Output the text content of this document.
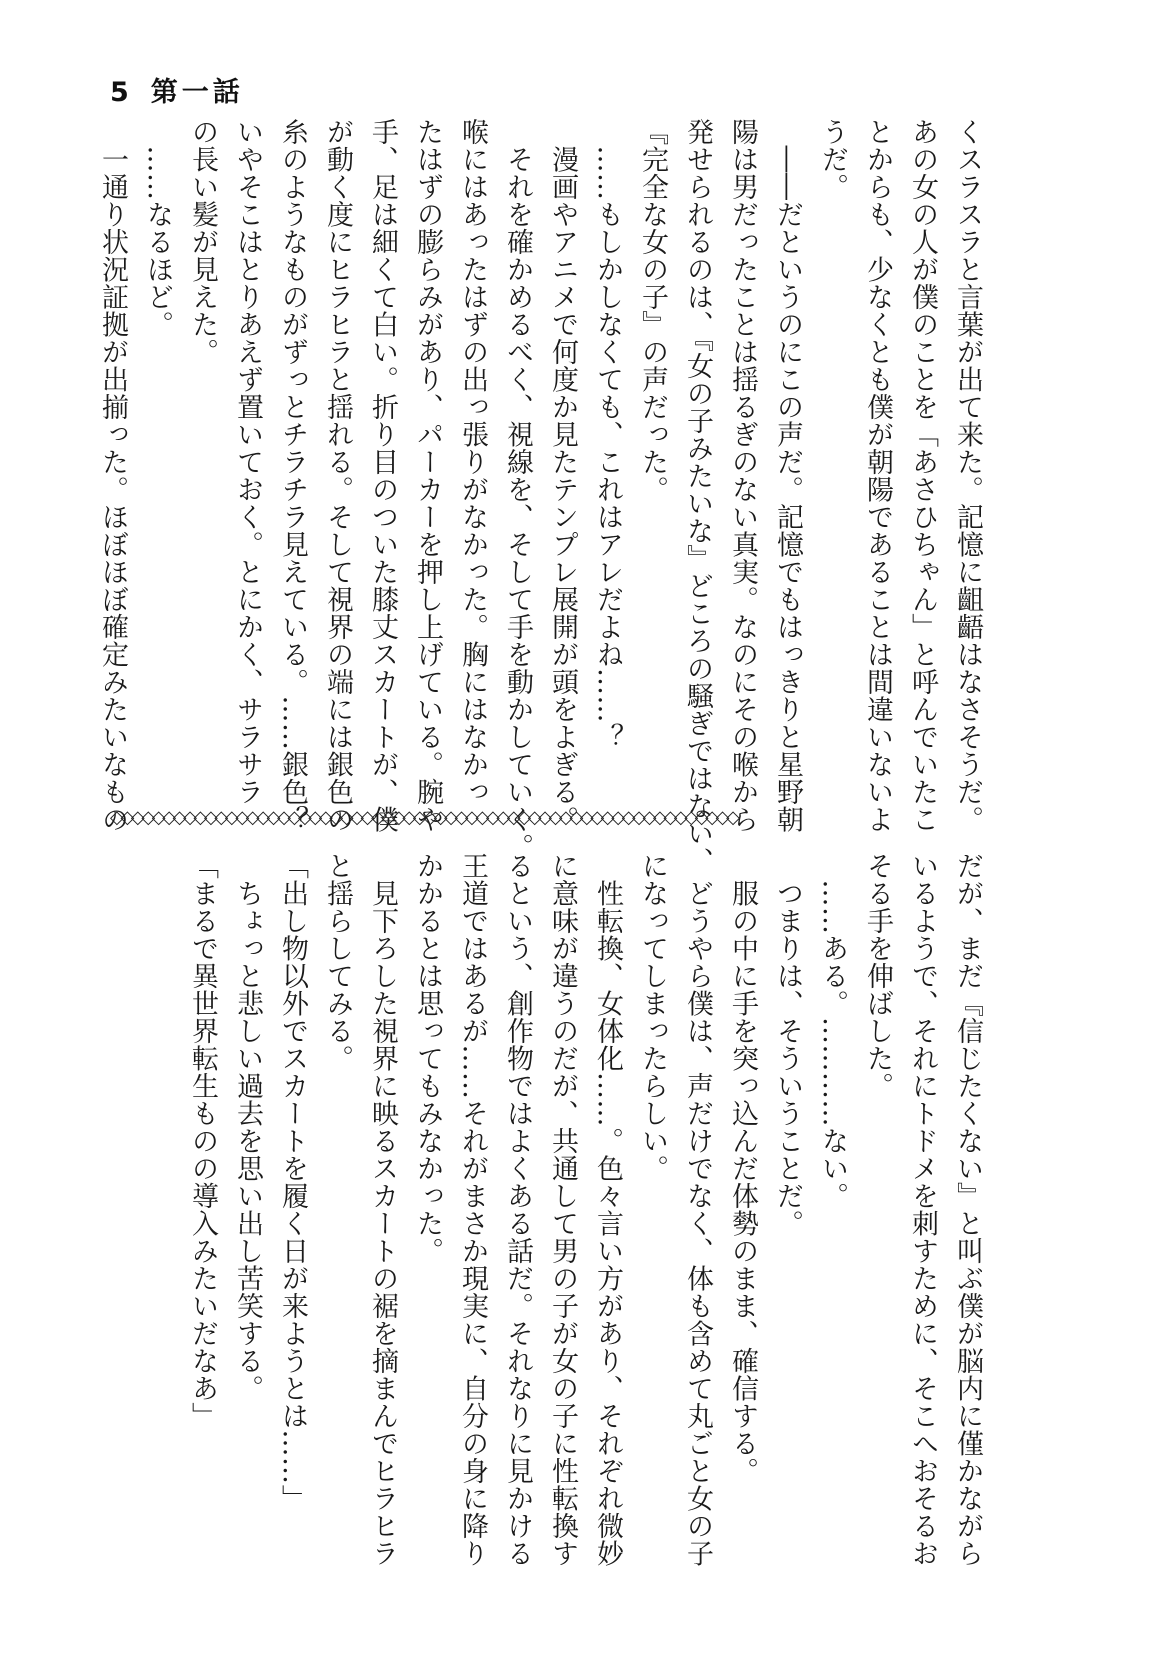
5 第一話

くスラスラと言葉が出て来た。記憶に齟齬はなさそうだ。

あの女の人が僕のことを「あさひちゃん」と呼んでいたこ

とからも、少なくとも僕が朝陽であることは間違いないよ

うだ。

　――だというのにこの声だ。記憶でもはっきりと星野朝

陽は男だったことは揺るぎのない真実。なのにその喉から

発せられるのは、『女の子みたいな』どころの騒ぎではない、

『完全な女の子』の声だった。

　……もしかしなくても、これはアレだよね……？

　漫画やアニメで何度か見たテンプレ展開が頭をよぎる。

　それを確かめるべく、視線を、そして手を動かしていく。

喉にはあったはずの出っ張りがなかった。胸にはなかっ

たはずの膨らみがあり、パーカーを押し上げている。腕や

手、足は細くて白い。折り目のついた膝丈スカートが、僕

が動く度にヒラヒラと揺れる。そして視界の端には銀色の

糸のようなものがずっとチラチラ見えている。……銀色？

いやそこはとりあえず置いておく。とにかく、サラサラ

の長い髪が見えた。

　……なるほど。

　一通り状況証拠が出揃った。ほぼほぼ確定みたいなもの

◇◇◇◇◇◇◇◇◇◇◇◇◇◇◇◇◇◇◇◇◇◇◇◇◇◇◇◇◇◇◇◇◇◇◇◇◇◇◇◇◇◇◇◇◇◇◇◇◇◇◇◇◇◇◇◇◇◇◇◇

だが、まだ『信じたくない』と叫ぶ僕が脳内に僅かながら

いるようで、それにトドメを刺すために、そこへおそるお

そる手を伸ばした。

　……ある。…………ない。

　つまりは、そういうことだ。

　服の中に手を突っ込んだ体勢のまま、確信する。

　どうやら僕は、声だけでなく、体も含めて丸ごと女の子

になってしまったらしい。

　性転換、女体化……。色々言い方があり、それぞれ微妙

に意味が違うのだが、共通して男の子が女の子に性転換す

るという、創作物ではよくある話だ。それなりに見かける

王道ではあるが……それがまさか現実に、自分の身に降り

かかるとは思ってもみなかった。

　見下ろした視界に映るスカートの裾を摘まんでヒラヒラ

と揺らしてみる。

「出し物以外でスカートを履く日が来ようとは……」

　ちょっと悲しい過去を思い出し苦笑する。

「まるで異世界転生ものの導入みたいだなあ」
